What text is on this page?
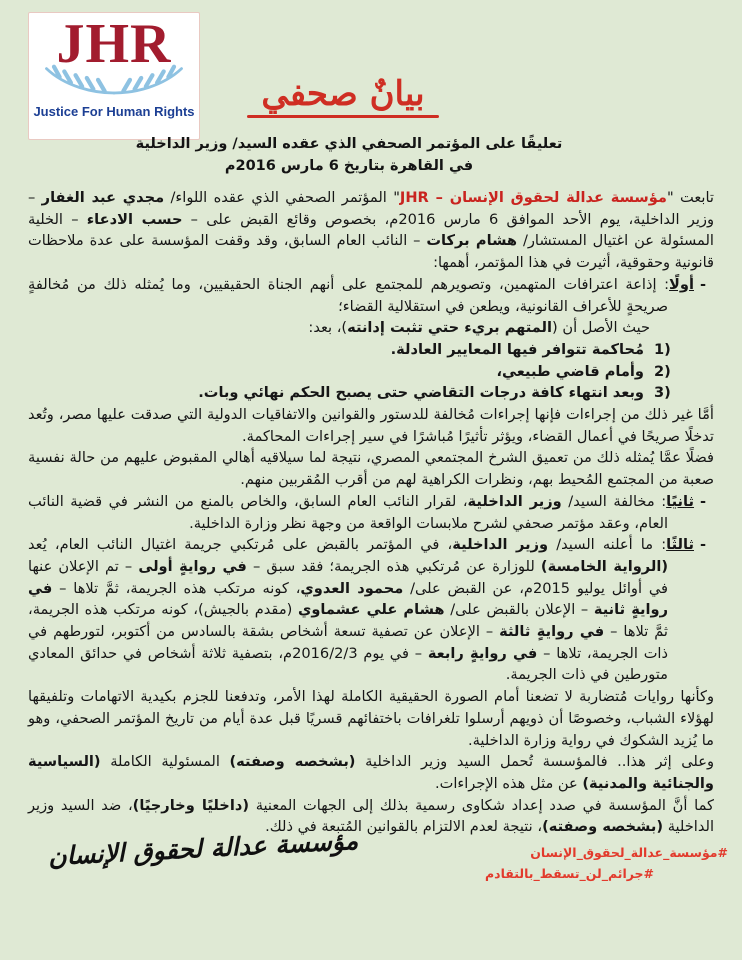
JHR
Justice For Human Rights	بيانٌ صحفي
تعليقًا على المؤتمر الصحفي الذي عقده السيد/ وزير الداخلية
في القاهرة بتاريخ 6 مارس 2016م

تابعت "مؤسسة عدالة لحقوق الإنسان – JHR" المؤتمر الصحفي الذي عقده اللواء/ مجدي عبد الغفار – وزير الداخلية، يوم الأحد الموافق 6 مارس 2016م، بخصوص وقائع القبض على – حسب الادعاء – الخلية المسئولة عن اغتيال المستشار/ هشام بركات – النائب العام السابق، وقد وقفت المؤسسة على عدة ملاحظات قانونية وحقوقية، أثيرت في هذا المؤتمر، أهمها:

-
أولًا: إذاعة اعترافات المتهمين، وتصويرهم للمجتمع على أنهم الجناة الحقيقيين، وما يُمثله ذلك من مُخالفةٍ صريحةٍ للأعراف القانونية، ويطعن في استقلالية القضاء؛

حيث الأصل أن (المتهم بريء حتي تثبت إدانته)، بعد:

1)
مُحاكمة تتوافر فيها المعايير العادلة.
2)
وأمام قاضي طبيعي،
3)
وبعد انتهاء كافة درجات التقاضي حتى يصبح الحكم نهائي وبات.

أمَّا غير ذلك من إجراءات فإنها إجراءات مُخالفة للدستور والقوانين والاتفاقيات الدولية التي صدقت عليها مصر، وتُعد تدخلًا صريحًا في أعمال القضاء، ويؤثر تأثيرًا مُباشرًا في سير إجراءات المحاكمة.

فضلًا عمَّا يُمثله ذلك من تعميق الشرخ المجتمعي المصري، نتيجة لما سيلاقيه أهالي المقبوض عليهم من حالة نفسية صعبة من المجتمع المُحيط بهم، ونظرات الكراهية لهم من أقرب المُقربين منهم.

-
ثانيًا: مخالفة السيد/ وزير الداخلية، لقرار النائب العام السابق، والخاص بالمنع من النشر في قضية النائب العام، وعقد مؤتمر صحفي لشرح ملابسات الواقعة من وجهة نظر وزارة الداخلية.
-
ثالثًا: ما أعلنه السيد/ وزير الداخلية، في المؤتمر بالقبض على مُرتكبي جريمة اغتيال النائب العام، يُعد (الرواية الخامسة) للوزارة عن مُرتكبي هذه الجريمة؛ فقد سبق – في روايةٍ أولى – تم الإعلان عنها في أوائل يوليو 2015م، عن القبض على/ محمود العدوي، كونه مرتكب هذه الجريمة، ثمَّ تلاها – في روايةٍ ثانية – الإعلان بالقبض على/ هشام علي عشماوي (مقدم بالجيش)، كونه مرتكب هذه الجريمة، ثمَّ تلاها – في روايةٍ ثالثة – الإعلان عن تصفية تسعة أشخاص بشقة بالسادس من أكتوبر، لتورطهم في ذات الجريمة، تلاها – في روايةٍ رابعة – في يوم 2016/2/3م، بتصفية ثلاثة أشخاص في حدائق المعادي متورطين في ذات الجريمة.

وكأنها روايات مُتضاربة لا تضعنا أمام الصورة الحقيقية الكاملة لهذا الأمر، وتدفعنا للجزم بكيدية الاتهامات وتلفيقها لهؤلاء الشباب، وخصوصًا أن ذويهم أرسلوا تلغرافات باختفائهم قسريًا قبل عدة أيام من تاريخ المؤتمر الصحفي، وهو ما يُزيد الشكوك في رواية وزارة الداخلية.

وعلى إثر هذا.. فالمؤسسة تُحمل السيد وزير الداخلية (بشخصه وصفته) المسئولية الكاملة (السياسية والجنائية والمدنية) عن مثل هذه الإجراءات.

كما أنَّ المؤسسة في صدد إعداد شكاوى رسمية بذلك إلى الجهات المعنية (داخليًا وخارجيًا)، ضد السيد وزير الداخلية (بشخصه وصفته)، نتيجة لعدم الالتزام بالقوانين المُتبعة في ذلك.

مؤسسة عدالة لحقوق الإنسان	#مؤسسة_عدالة_لحقوق_الإنسان
#جرائم_لن_تسقط_بالتقادم
